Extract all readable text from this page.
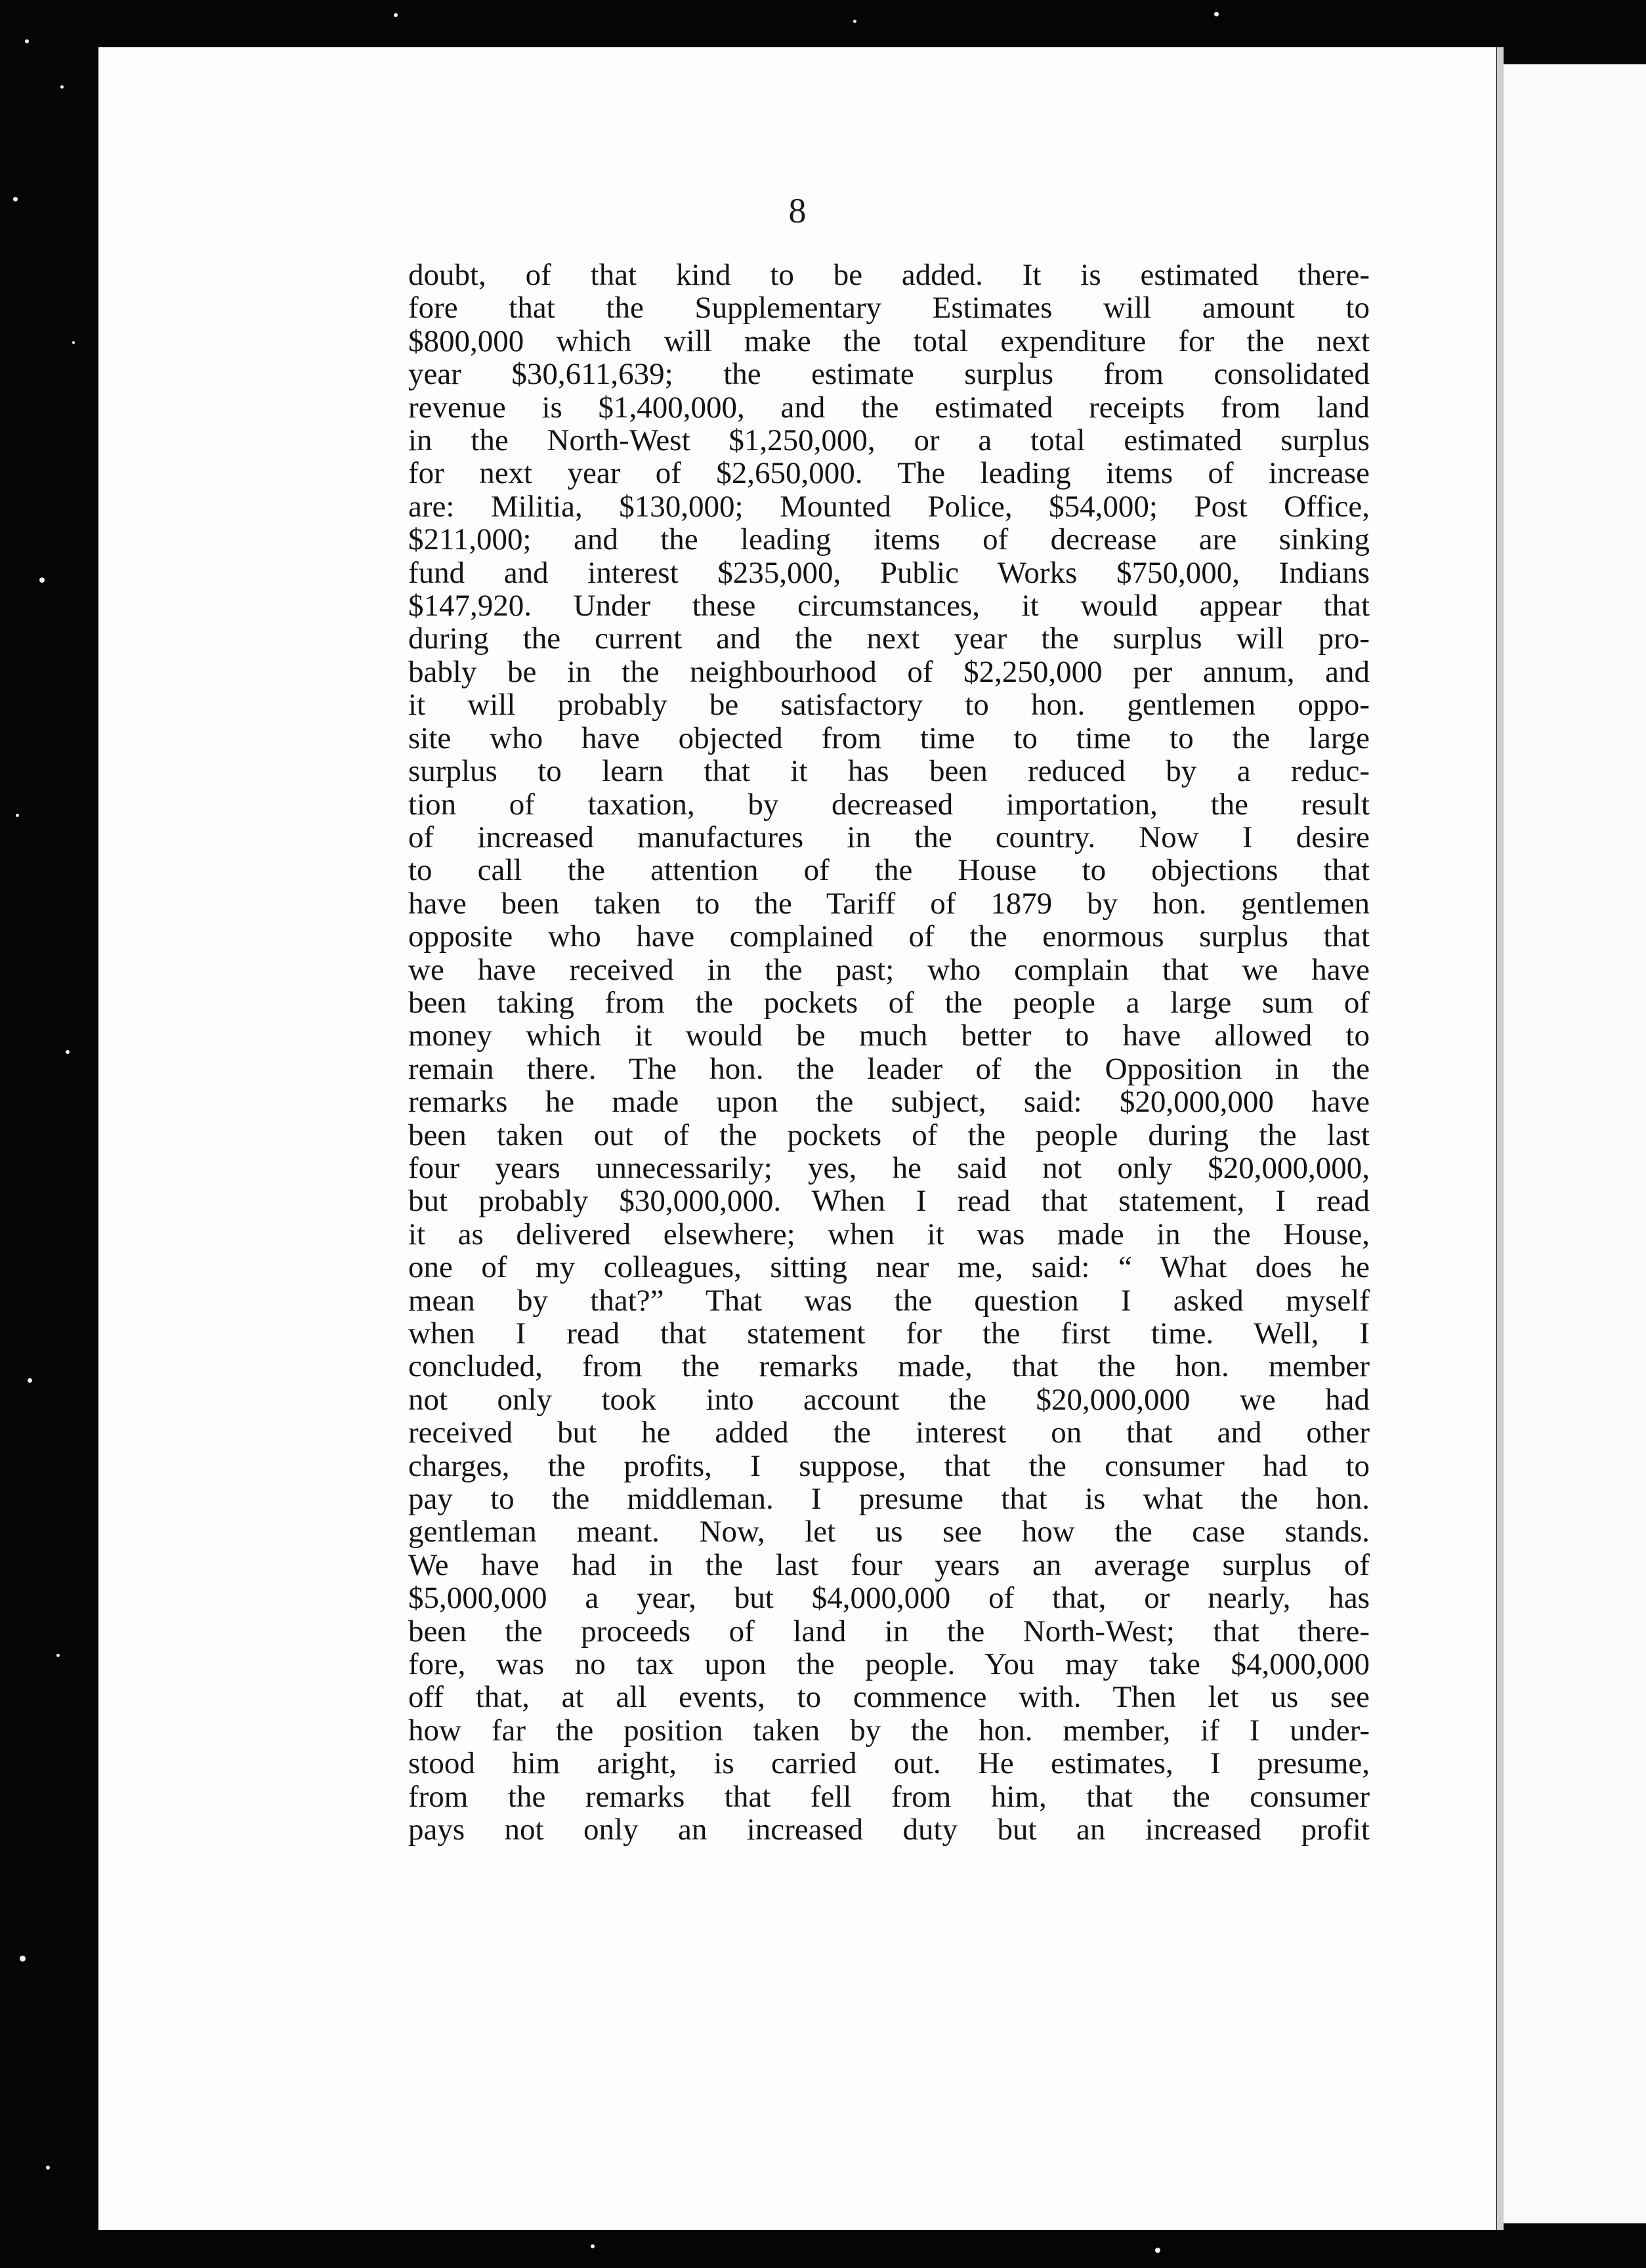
8
doubt, of that kind to be added. It is estimated there-
fore that the Supplementary Estimates will amount to
$800,000 which will make the total expenditure for the next
year $30,611,639; the estimate surplus from consolidated
revenue is $1,400,000, and the estimated receipts from land
in the North-West $1,250,000, or a total estimated surplus
for next year of $2,650,000. The leading items of increase
are: Militia, $130,000; Mounted Police, $54,000; Post Office,
$211,000; and the leading items of decrease are sinking
fund and interest $235,000, Public Works $750,000, Indians
$147,920. Under these circumstances, it would appear that
during the current and the next year the surplus will pro-
bably be in the neighbourhood of $2,250,000 per annum, and
it will probably be satisfactory to hon. gentlemen oppo-
site who have objected from time to time to the large
surplus to learn that it has been reduced by a reduc-
tion of taxation, by decreased importation, the result
of increased manufactures in the country. Now I desire
to call the attention of the House to objections that
have been taken to the Tariff of 1879 by hon. gentlemen
opposite who have complained of the enormous surplus that
we have received in the past; who complain that we have
been taking from the pockets of the people a large sum of
money which it would be much better to have allowed to
remain there. The hon. the leader of the Opposition in the
remarks he made upon the subject, said: $20,000,000 have
been taken out of the pockets of the people during the last
four years unnecessarily; yes, he said not only $20,000,000,
but probably $30,000,000. When I read that statement, I read
it as delivered elsewhere; when it was made in the House,
one of my colleagues, sitting near me, said: “ What does he
mean by that?” That was the question I asked myself
when I read that statement for the first time. Well, I
concluded, from the remarks made, that the hon. member
not only took into account the $20,000,000 we had
received but he added the interest on that and other
charges, the profits, I suppose, that the consumer had to
pay to the middleman. I presume that is what the hon.
gentleman meant. Now, let us see how the case stands.
We have had in the last four years an average surplus of
$5,000,000 a year, but $4,000,000 of that, or nearly, has
been the proceeds of land in the North-West; that there-
fore, was no tax upon the people. You may take $4,000,000
off that, at all events, to commence with. Then let us see
how far the position taken by the hon. member, if I under-
stood him aright, is carried out. He estimates, I presume,
from the remarks that fell from him, that the consumer
pays not only an increased duty but an increased profit
